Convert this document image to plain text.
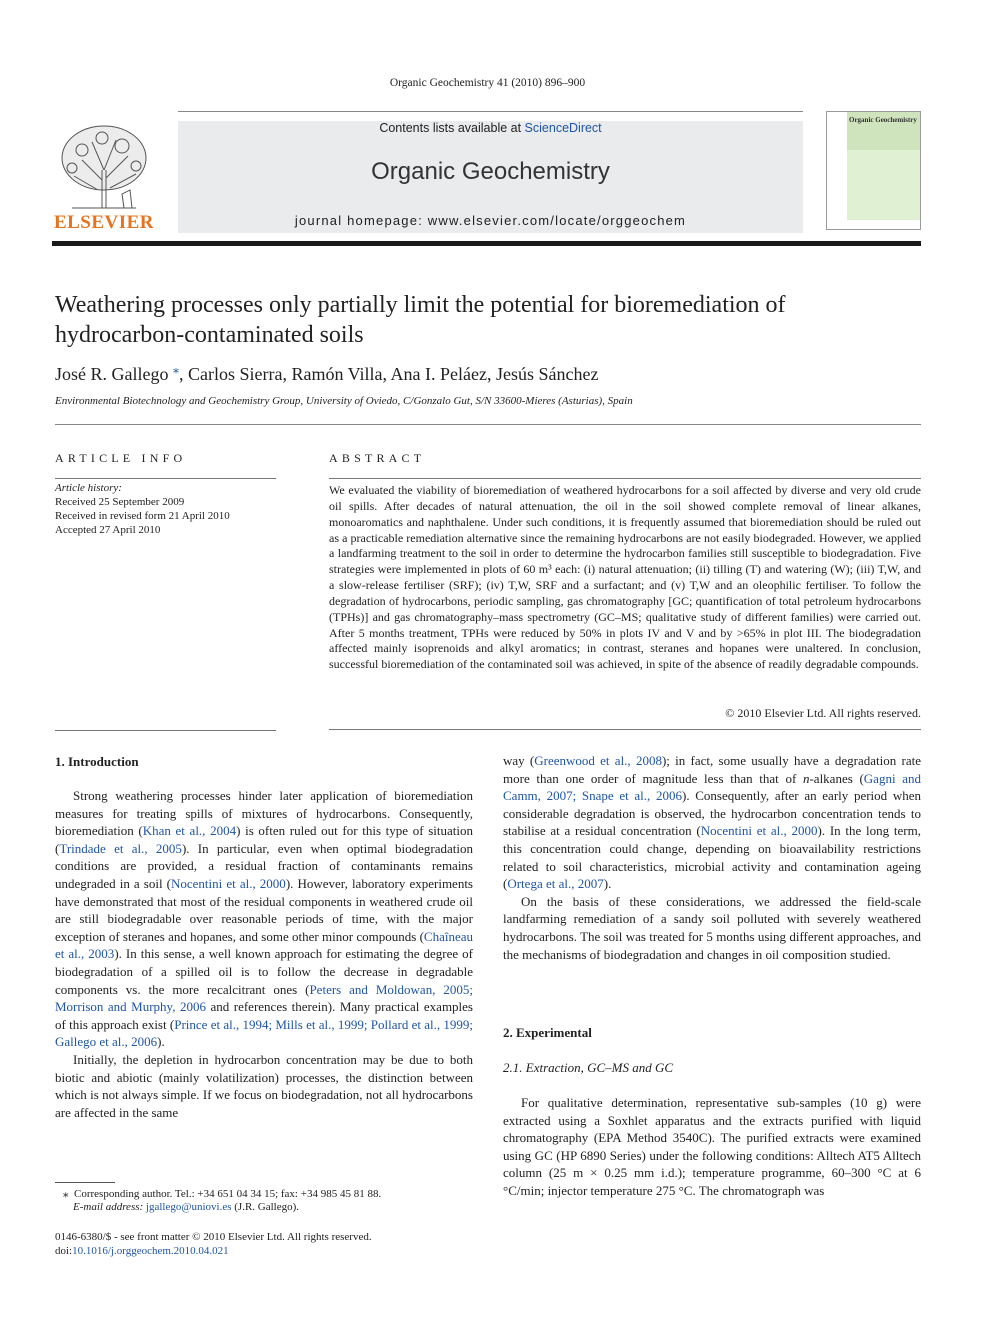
Organic Geochemistry 41 (2010) 896–900
ELSEVIER
Contents lists available at ScienceDirect
Organic Geochemistry
journal homepage: www.elsevier.com/locate/orggeochem
Organic Geochemistry
Weathering processes only partially limit the potential for bioremediation of hydrocarbon-contaminated soils
José R. Gallego ⁎, Carlos Sierra, Ramón Villa, Ana I. Peláez, Jesús Sánchez
Environmental Biotechnology and Geochemistry Group, University of Oviedo, C/Gonzalo Gut, S/N 33600-Mieres (Asturias), Spain
ARTICLE INFO
Article history:
Received 25 September 2009
Received in revised form 21 April 2010
Accepted 27 April 2010
ABSTRACT
We evaluated the viability of bioremediation of weathered hydrocarbons for a soil affected by diverse and very old crude oil spills. After decades of natural attenuation, the oil in the soil showed complete removal of linear alkanes, monoaromatics and naphthalene. Under such conditions, it is frequently assumed that bioremediation should be ruled out as a practicable remediation alternative since the remaining hydrocarbons are not easily biodegraded. However, we applied a landfarming treatment to the soil in order to determine the hydrocarbon families still susceptible to biodegradation. Five strategies were implemented in plots of 60 m³ each: (i) natural attenuation; (ii) tilling (T) and watering (W); (iii) T,W, and a slow-release fertiliser (SRF); (iv) T,W, SRF and a surfactant; and (v) T,W and an oleophilic fertiliser. To follow the degradation of hydrocarbons, periodic sampling, gas chromatography [GC; quantification of total petroleum hydrocarbons (TPHs)] and gas chromatography–mass spectrometry (GC–MS; qualitative study of different families) were carried out. After 5 months treatment, TPHs were reduced by 50% in plots IV and V and by >65% in plot III. The biodegradation affected mainly isoprenoids and alkyl aromatics; in contrast, steranes and hopanes were unaltered. In conclusion, successful bioremediation of the contaminated soil was achieved, in spite of the absence of readily degradable compounds.
© 2010 Elsevier Ltd. All rights reserved.
1. Introduction

Strong weathering processes hinder later application of bioremediation measures for treating spills of mixtures of hydrocarbons. Consequently, bioremediation (Khan et al., 2004) is often ruled out for this type of situation (Trindade et al., 2005). In particular, even when optimal biodegradation conditions are provided, a residual fraction of contaminants remains undegraded in a soil (Nocentini et al., 2000). However, laboratory experiments have demonstrated that most of the residual components in weathered crude oil are still biodegradable over reasonable periods of time, with the major exception of steranes and hopanes, and some other minor compounds (Chaîneau et al., 2003). In this sense, a well known approach for estimating the degree of biodegradation of a spilled oil is to follow the decrease in degradable components vs. the more recalcitrant ones (Peters and Moldowan, 2005; Morrison and Murphy, 2006 and references therein). Many practical examples of this approach exist (Prince et al., 1994; Mills et al., 1999; Pollard et al., 1999; Gallego et al., 2006).

Initially, the depletion in hydrocarbon concentration may be due to both biotic and abiotic (mainly volatilization) processes, the distinction between which is not always simple. If we focus on biodegradation, not all hydrocarbons are affected in the same

way (Greenwood et al., 2008); in fact, some usually have a degradation rate more than one order of magnitude less than that of n-alkanes (Gagni and Camm, 2007; Snape et al., 2006). Consequently, after an early period when considerable degradation is observed, the hydrocarbon concentration tends to stabilise at a residual concentration (Nocentini et al., 2000). In the long term, this concentration could change, depending on bioavailability restrictions related to soil characteristics, microbial activity and contamination ageing (Ortega et al., 2007).

On the basis of these considerations, we addressed the field-scale landfarming remediation of a sandy soil polluted with severely weathered hydrocarbons. The soil was treated for 5 months using different approaches, and the mechanisms of biodegradation and changes in oil composition studied.

2. Experimental
2.1. Extraction, GC–MS and GC

For qualitative determination, representative sub-samples (10 g) were extracted using a Soxhlet apparatus and the extracts purified with liquid chromatography (EPA Method 3540C). The purified extracts were examined using GC (HP 6890 Series) under the following conditions: Alltech AT5 Alltech column (25 m × 0.25 mm i.d.); temperature programme, 60–300 °C at 6 °C/min; injector temperature 275 °C. The chromatograph was

⁎ Corresponding author. Tel.: +34 651 04 34 15; fax: +34 985 45 81 88.
E-mail address: jgallego@uniovi.es (J.R. Gallego).
0146-6380/$ - see front matter © 2010 Elsevier Ltd. All rights reserved.
doi:10.1016/j.orggeochem.2010.04.021
